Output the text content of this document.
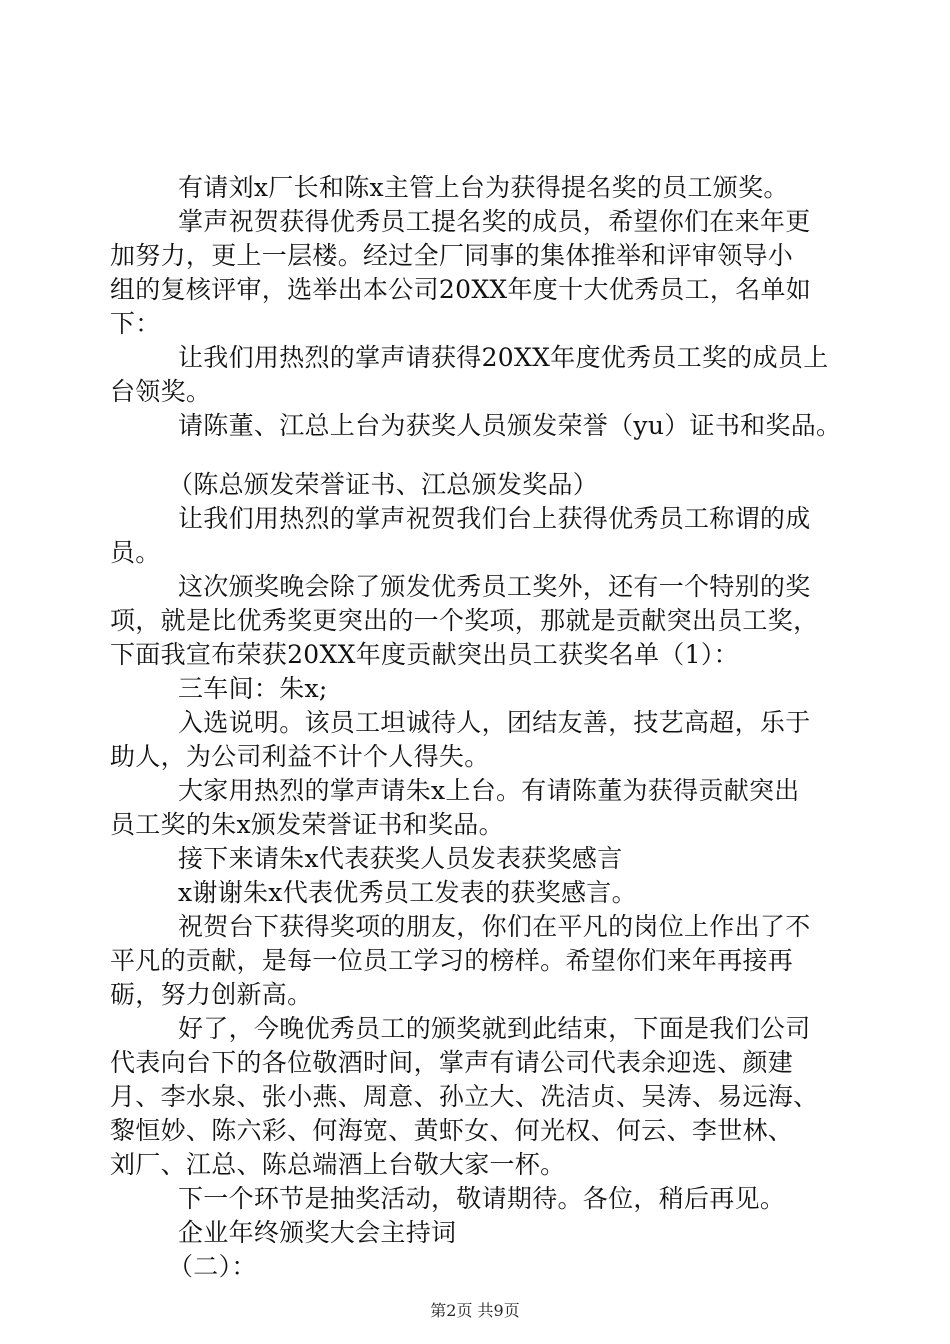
有请刘x厂长和陈x主管上台为获得提名奖的员工颁奖。
掌声祝贺获得优秀员工提名奖的成员，希望你们在来年更
加努力，更上一层楼。经过全厂同事的集体推举和评审领导小
组的复核评审，选举出本公司20XX年度十大优秀员工，名单如
下：
让我们用热烈的掌声请获得20XX年度优秀员工奖的成员上
台领奖。
请陈董、江总上台为获奖人员颁发荣誉（yu）证书和奖品。
（陈总颁发荣誉证书、江总颁发奖品）
让我们用热烈的掌声祝贺我们台上获得优秀员工称谓的成
员。
这次颁奖晚会除了颁发优秀员工奖外，还有一个特别的奖
项，就是比优秀奖更突出的一个奖项，那就是贡献突出员工奖，
下面我宣布荣获20XX年度贡献突出员工获奖名单（1）：
三车间：朱x;
入选说明。该员工坦诚待人，团结友善，技艺高超，乐于
助人，为公司利益不计个人得失。
大家用热烈的掌声请朱x上台。有请陈董为获得贡献突出
员工奖的朱x颁发荣誉证书和奖品。
接下来请朱x代表获奖人员发表获奖感言
x谢谢朱x代表优秀员工发表的获奖感言。
祝贺台下获得奖项的朋友，你们在平凡的岗位上作出了不
平凡的贡献，是每一位员工学习的榜样。希望你们来年再接再
砺，努力创新高。
好了，今晚优秀员工的颁奖就到此结束，下面是我们公司
代表向台下的各位敬酒时间，掌声有请公司代表余迎选、颜建
月、李水泉、张小燕、周意、孙立大、冼洁贞、吴涛、易远海、
黎恒妙、陈六彩、何海宽、黄虾女、何光权、何云、李世林、
刘厂、江总、陈总端酒上台敬大家一杯。
下一个环节是抽奖活动，敬请期待。各位，稍后再见。
企业年终颁奖大会主持词
（二）：
第2页 共9页
